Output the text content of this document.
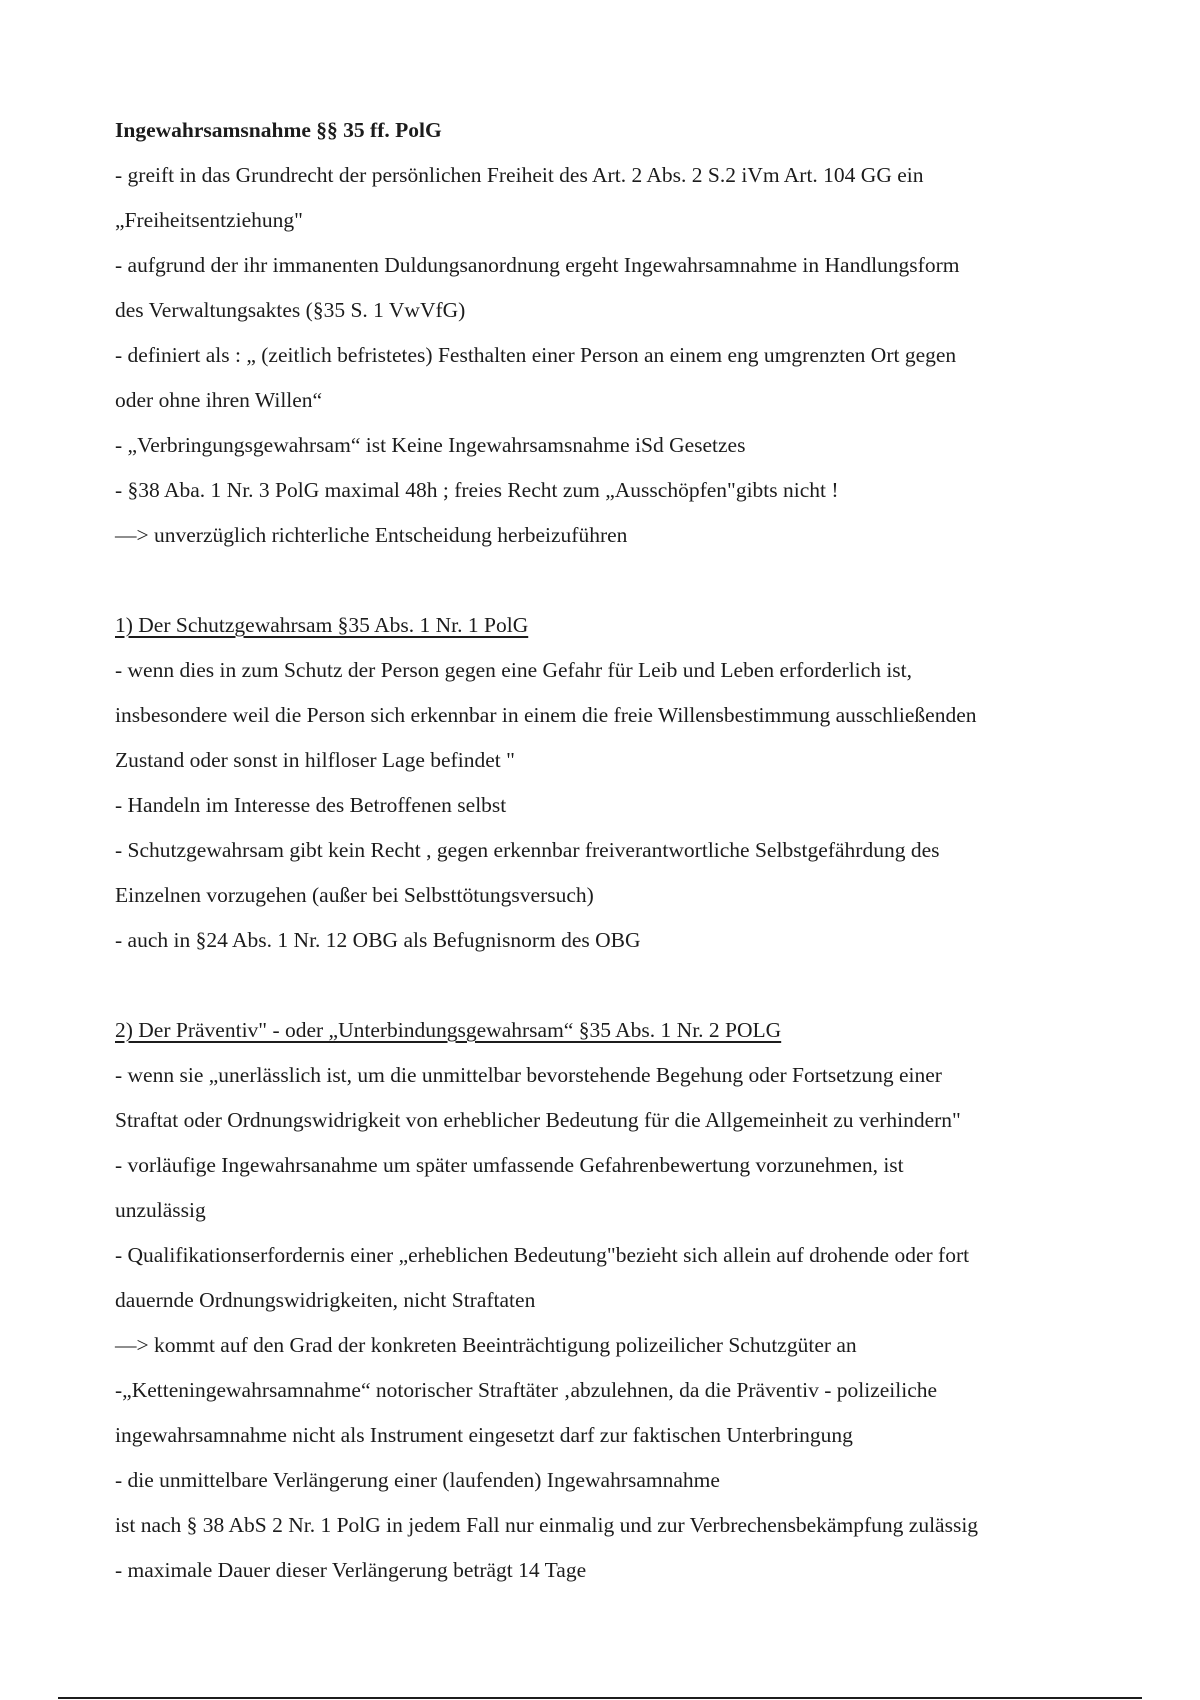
Ingewahrsamsnahme §§ 35 ff. PolG
- greift in das Grundrecht der persönlichen Freiheit des Art. 2 Abs. 2 S.2 iVm Art. 104 GG ein
„Freiheitsentziehung"
- aufgrund der ihr immanenten Duldungsanordnung ergeht Ingewahrsamnahme in Handlungsform
des Verwaltungsaktes (§35 S. 1 VwVfG)
- definiert als : „ (zeitlich befristetes) Festhalten einer Person an einem eng umgrenzten Ort gegen
oder ohne ihren Willen“
- „Verbringungsgewahrsam“ ist Keine Ingewahrsamsnahme iSd Gesetzes
- §38 Aba. 1 Nr. 3 PolG maximal 48h ; freies Recht zum „Ausschöpfen"gibts nicht !
—> unverzüglich richterliche Entscheidung herbeizuführen
1) Der Schutzgewahrsam §35 Abs. 1 Nr. 1 PolG
- wenn dies in zum Schutz der Person gegen eine Gefahr für Leib und Leben erforderlich ist,
insbesondere weil die Person sich erkennbar in einem die freie Willensbestimmung ausschließenden
Zustand oder sonst in hilfloser Lage befindet "
- Handeln im Interesse des Betroffenen selbst
- Schutzgewahrsam gibt kein Recht , gegen erkennbar freiverantwortliche Selbstgefährdung des
Einzelnen vorzugehen (außer bei Selbsttötungsversuch)
- auch in §24 Abs. 1 Nr. 12 OBG als Befugnisnorm des OBG
2) Der Präventiv" - oder „Unterbindungsgewahrsam“ §35 Abs. 1 Nr. 2 POLG
- wenn sie „unerlässlich ist, um die unmittelbar bevorstehende Begehung oder Fortsetzung einer
Straftat oder Ordnungswidrigkeit von erheblicher Bedeutung für die Allgemeinheit zu verhindern"
- vorläufige Ingewahrsanahme um später umfassende Gefahrenbewertung vorzunehmen, ist
unzulässig
- Qualifikationserfordernis einer „erheblichen Bedeutung"bezieht sich allein auf drohende oder fort
dauernde Ordnungswidrigkeiten, nicht Straftaten
—> kommt auf den Grad der konkreten Beeinträchtigung polizeilicher Schutzgüter an
-„Ketteningewahrsamnahme“ notorischer Straftäter ‚abzulehnen, da die Präventiv - polizeiliche
ingewahrsamnahme nicht als Instrument eingesetzt darf zur faktischen Unterbringung
- die unmittelbare Verlängerung einer (laufenden) Ingewahrsamnahme
ist nach § 38 AbS 2 Nr. 1 PolG in jedem Fall nur einmalig und zur Verbrechensbekämpfung zulässig
- maximale Dauer dieser Verlängerung beträgt 14 Tage
